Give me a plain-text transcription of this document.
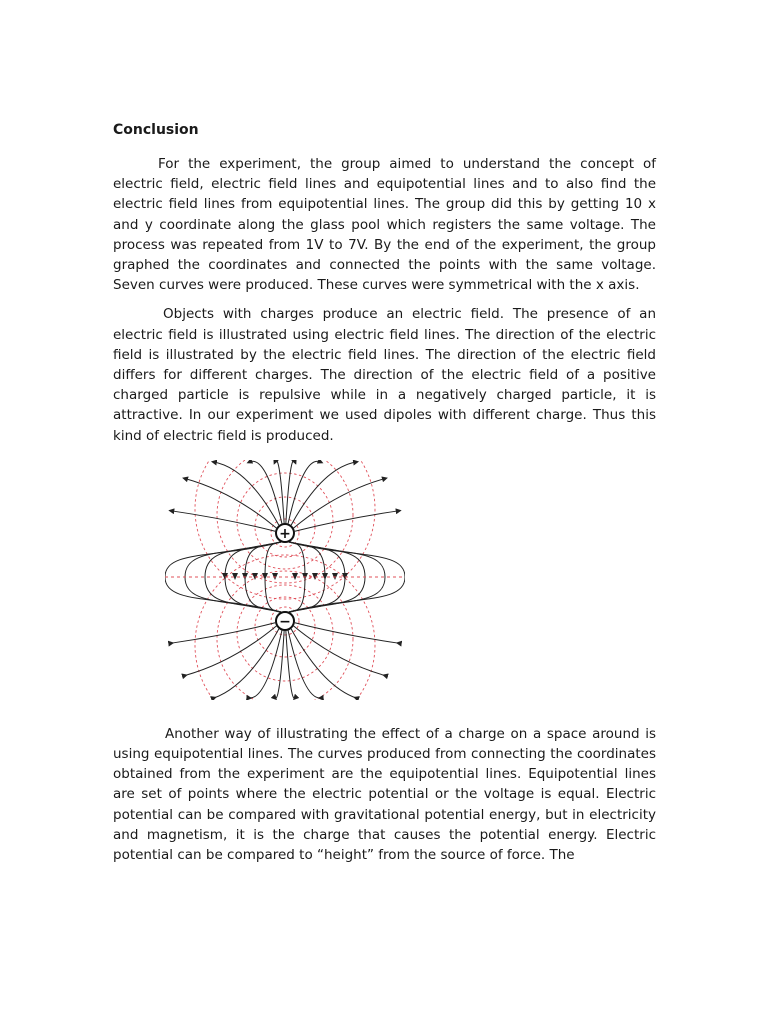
Conclusion

For the experiment, the group aimed to understand the concept of electric field, electric field lines and equipotential lines and to also find the electric field lines from equipotential lines. The group did this by getting 10 x and y coordinate along the glass pool which registers the same voltage. The process was repeated from 1V to 7V. By the end of the experiment, the group graphed the coordinates and connected the points with the same voltage. Seven curves were produced. These curves were symmetrical with the x axis.

Objects with charges produce an electric field. The presence of an electric field is illustrated using electric field lines. The direction of the electric field is illustrated by the electric field lines. The direction of the electric field differs for different charges. The direction of the electric field of a positive charged particle is repulsive while in a negatively charged particle, it is attractive. In our experiment we used dipoles with different charge. Thus this kind of electric field is produced.

+
−

Another way of illustrating the effect of a charge on a space around is using equipotential lines. The curves produced from connecting the coordinates obtained from the experiment are the equipotential lines. Equipotential lines are set of points where the electric potential or the voltage is equal. Electric potential can be compared with gravitational potential energy, but in electricity and magnetism, it is the charge that causes the potential energy. Electric potential can be compared to “height” from the source of force. The
